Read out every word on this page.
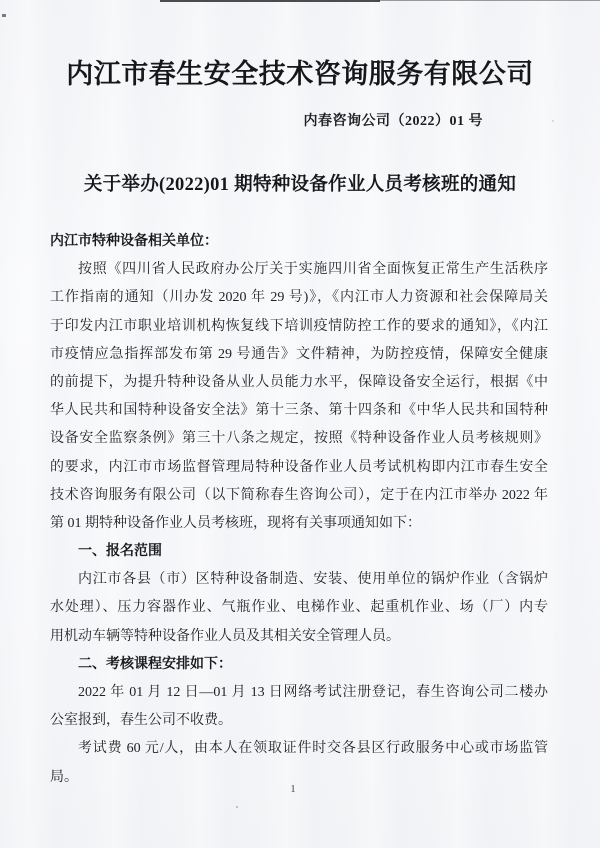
内江市春生安全技术咨询服务有限公司
内春咨询公司（2022）01 号
关于举办(2022)01 期特种设备作业人员考核班的通知
内江市特种设备相关单位：
按照《四川省人民政府办公厅关于实施四川省全面恢复正常生产生活秩序
工作指南的通知（川办发 2020 年 29 号)》，《内江市人力资源和社会保障局关
于印发内江市职业培训机构恢复线下培训疫情防控工作的要求的通知》，《内江
市疫情应急指挥部发布第 29 号通告》文件精神，为防控疫情，保障安全健康
的前提下，为提升特种设备从业人员能力水平，保障设备安全运行，根据《中
华人民共和国特种设备安全法》第十三条、第十四条和《中华人民共和国特种
设备安全监察条例》第三十八条之规定，按照《特种设备作业人员考核规则》
的要求，内江市市场监督管理局特种设备作业人员考试机构即内江市春生安全
技术咨询服务有限公司（以下简称春生咨询公司），定于在内江市举办 2022 年
第 01 期特种设备作业人员考核班，现将有关事项通知如下：
一、报名范围
内江市各县（市）区特种设备制造、安装、使用单位的锅炉作业（含锅炉
水处理）、压力容器作业、气瓶作业、电梯作业、起重机作业、场（厂）内专
用机动车辆等特种设备作业人员及其相关安全管理人员。
二、考核课程安排如下：
2022 年 01 月 12 日—01 月 13 日网络考试注册登记，春生咨询公司二楼办
公室报到，春生公司不收费。
考试费 60 元/人，由本人在领取证件时交各县区行政服务中心或市场监管
局。
1
